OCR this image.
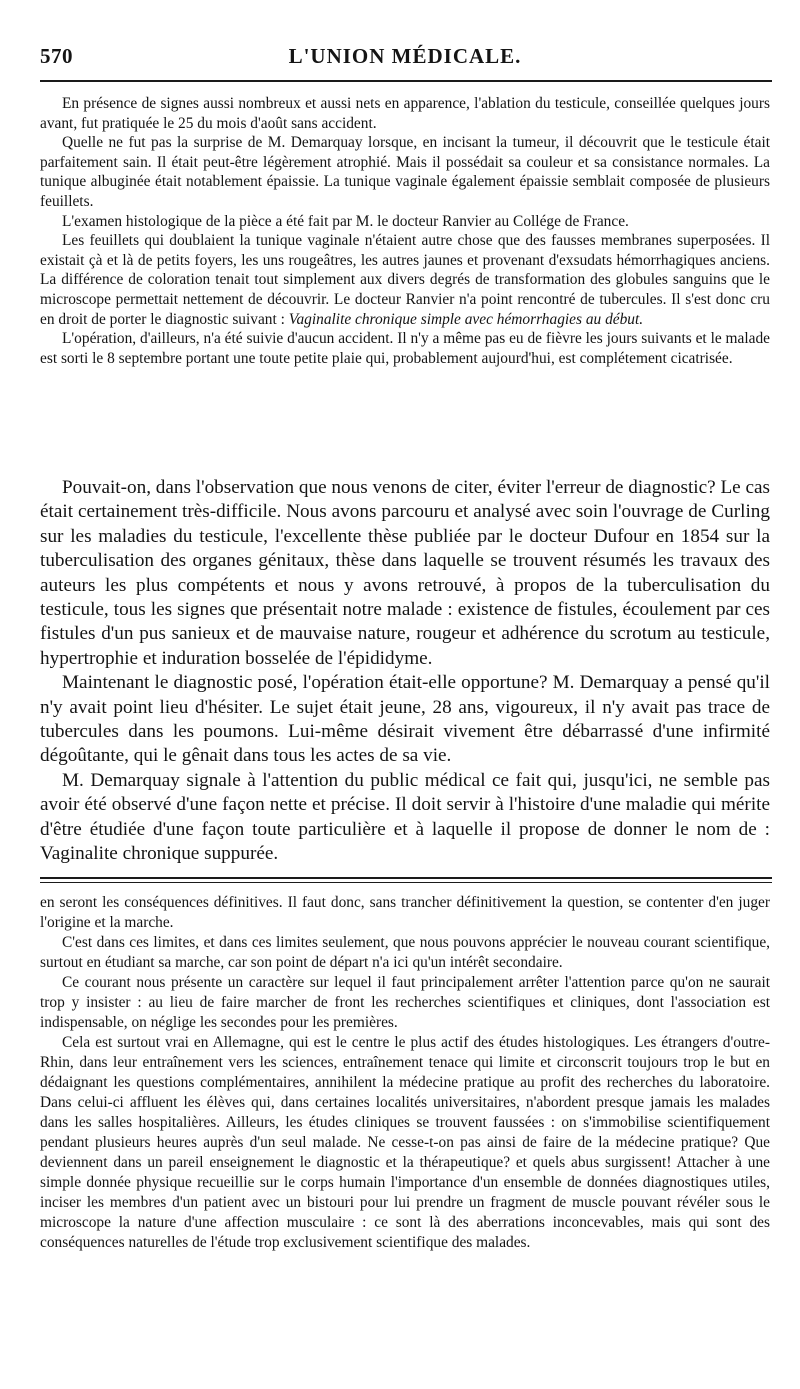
570	L'UNION MÉDICALE.

En présence de signes aussi nombreux et aussi nets en apparence, l'ablation du testicule, conseillée quelques jours avant, fut pratiquée le 25 du mois d'août sans accident.

Quelle ne fut pas la surprise de M. Demarquay lorsque, en incisant la tumeur, il découvrit que le testicule était parfaitement sain. Il était peut-être légèrement atrophié. Mais il possédait sa couleur et sa consistance normales. La tunique albuginée était notablement épaissie. La tunique vaginale également épaissie semblait composée de plusieurs feuillets.

L'examen histologique de la pièce a été fait par M. le docteur Ranvier au Collége de France.

Les feuillets qui doublaient la tunique vaginale n'étaient autre chose que des fausses membranes superposées. Il existait çà et là de petits foyers, les uns rougeâtres, les autres jaunes et provenant d'exsudats hémorrhagiques anciens. La différence de coloration tenait tout simplement aux divers degrés de transformation des globules sanguins que le microscope permettait nettement de découvrir. Le docteur Ranvier n'a point rencontré de tubercules. Il s'est donc cru en droit de porter le diagnostic suivant : Vaginalite chronique simple avec hémorrhagies au début.

L'opération, d'ailleurs, n'a été suivie d'aucun accident. Il n'y a même pas eu de fièvre les jours suivants et le malade est sorti le 8 septembre portant une toute petite plaie qui, probablement aujourd'hui, est complétement cicatrisée.

Pouvait-on, dans l'observation que nous venons de citer, éviter l'erreur de diagnostic? Le cas était certainement très-difficile. Nous avons parcouru et analysé avec soin l'ouvrage de Curling sur les maladies du testicule, l'excellente thèse publiée par le docteur Dufour en 1854 sur la tuberculisation des organes génitaux, thèse dans laquelle se trouvent résumés les travaux des auteurs les plus compétents et nous y avons retrouvé, à propos de la tuberculisation du testicule, tous les signes que présentait notre malade : existence de fistules, écoulement par ces fistules d'un pus sanieux et de mauvaise nature, rougeur et adhérence du scrotum au testicule, hypertrophie et induration bosselée de l'épididyme.

Maintenant le diagnostic posé, l'opération était-elle opportune? M. Demarquay a pensé qu'il n'y avait point lieu d'hésiter. Le sujet était jeune, 28 ans, vigoureux, il n'y avait pas trace de tubercules dans les poumons. Lui-même désirait vivement être débarrassé d'une infirmité dégoûtante, qui le gênait dans tous les actes de sa vie.

M. Demarquay signale à l'attention du public médical ce fait qui, jusqu'ici, ne semble pas avoir été observé d'une façon nette et précise. Il doit servir à l'histoire d'une maladie qui mérite d'être étudiée d'une façon toute particulière et à laquelle il propose de donner le nom de : Vaginalite chronique suppurée.

en seront les conséquences définitives. Il faut donc, sans trancher définitivement la question, se contenter d'en juger l'origine et la marche.

C'est dans ces limites, et dans ces limites seulement, que nous pouvons apprécier le nouveau courant scientifique, surtout en étudiant sa marche, car son point de départ n'a ici qu'un intérêt secondaire.

Ce courant nous présente un caractère sur lequel il faut principalement arrêter l'attention parce qu'on ne saurait trop y insister : au lieu de faire marcher de front les recherches scientifiques et cliniques, dont l'association est indispensable, on néglige les secondes pour les premières.

Cela est surtout vrai en Allemagne, qui est le centre le plus actif des études histologiques. Les étrangers d'outre-Rhin, dans leur entraînement vers les sciences, entraînement tenace qui limite et circonscrit toujours trop le but en dédaignant les questions complémentaires, annihilent la médecine pratique au profit des recherches du laboratoire. Dans celui-ci affluent les élèves qui, dans certaines localités universitaires, n'abordent presque jamais les malades dans les salles hospitalières. Ailleurs, les études cliniques se trouvent faussées : on s'immobilise scientifiquement pendant plusieurs heures auprès d'un seul malade. Ne cesse-t-on pas ainsi de faire de la médecine pratique? Que deviennent dans un pareil enseignement le diagnostic et la thérapeutique? et quels abus surgissent! Attacher à une simple donnée physique recueillie sur le corps humain l'importance d'un ensemble de données diagnostiques utiles, inciser les membres d'un patient avec un bistouri pour lui prendre un fragment de muscle pouvant révéler sous le microscope la nature d'une affection musculaire : ce sont là des aberrations inconcevables, mais qui sont des conséquences naturelles de l'étude trop exclusivement scientifique des malades.
